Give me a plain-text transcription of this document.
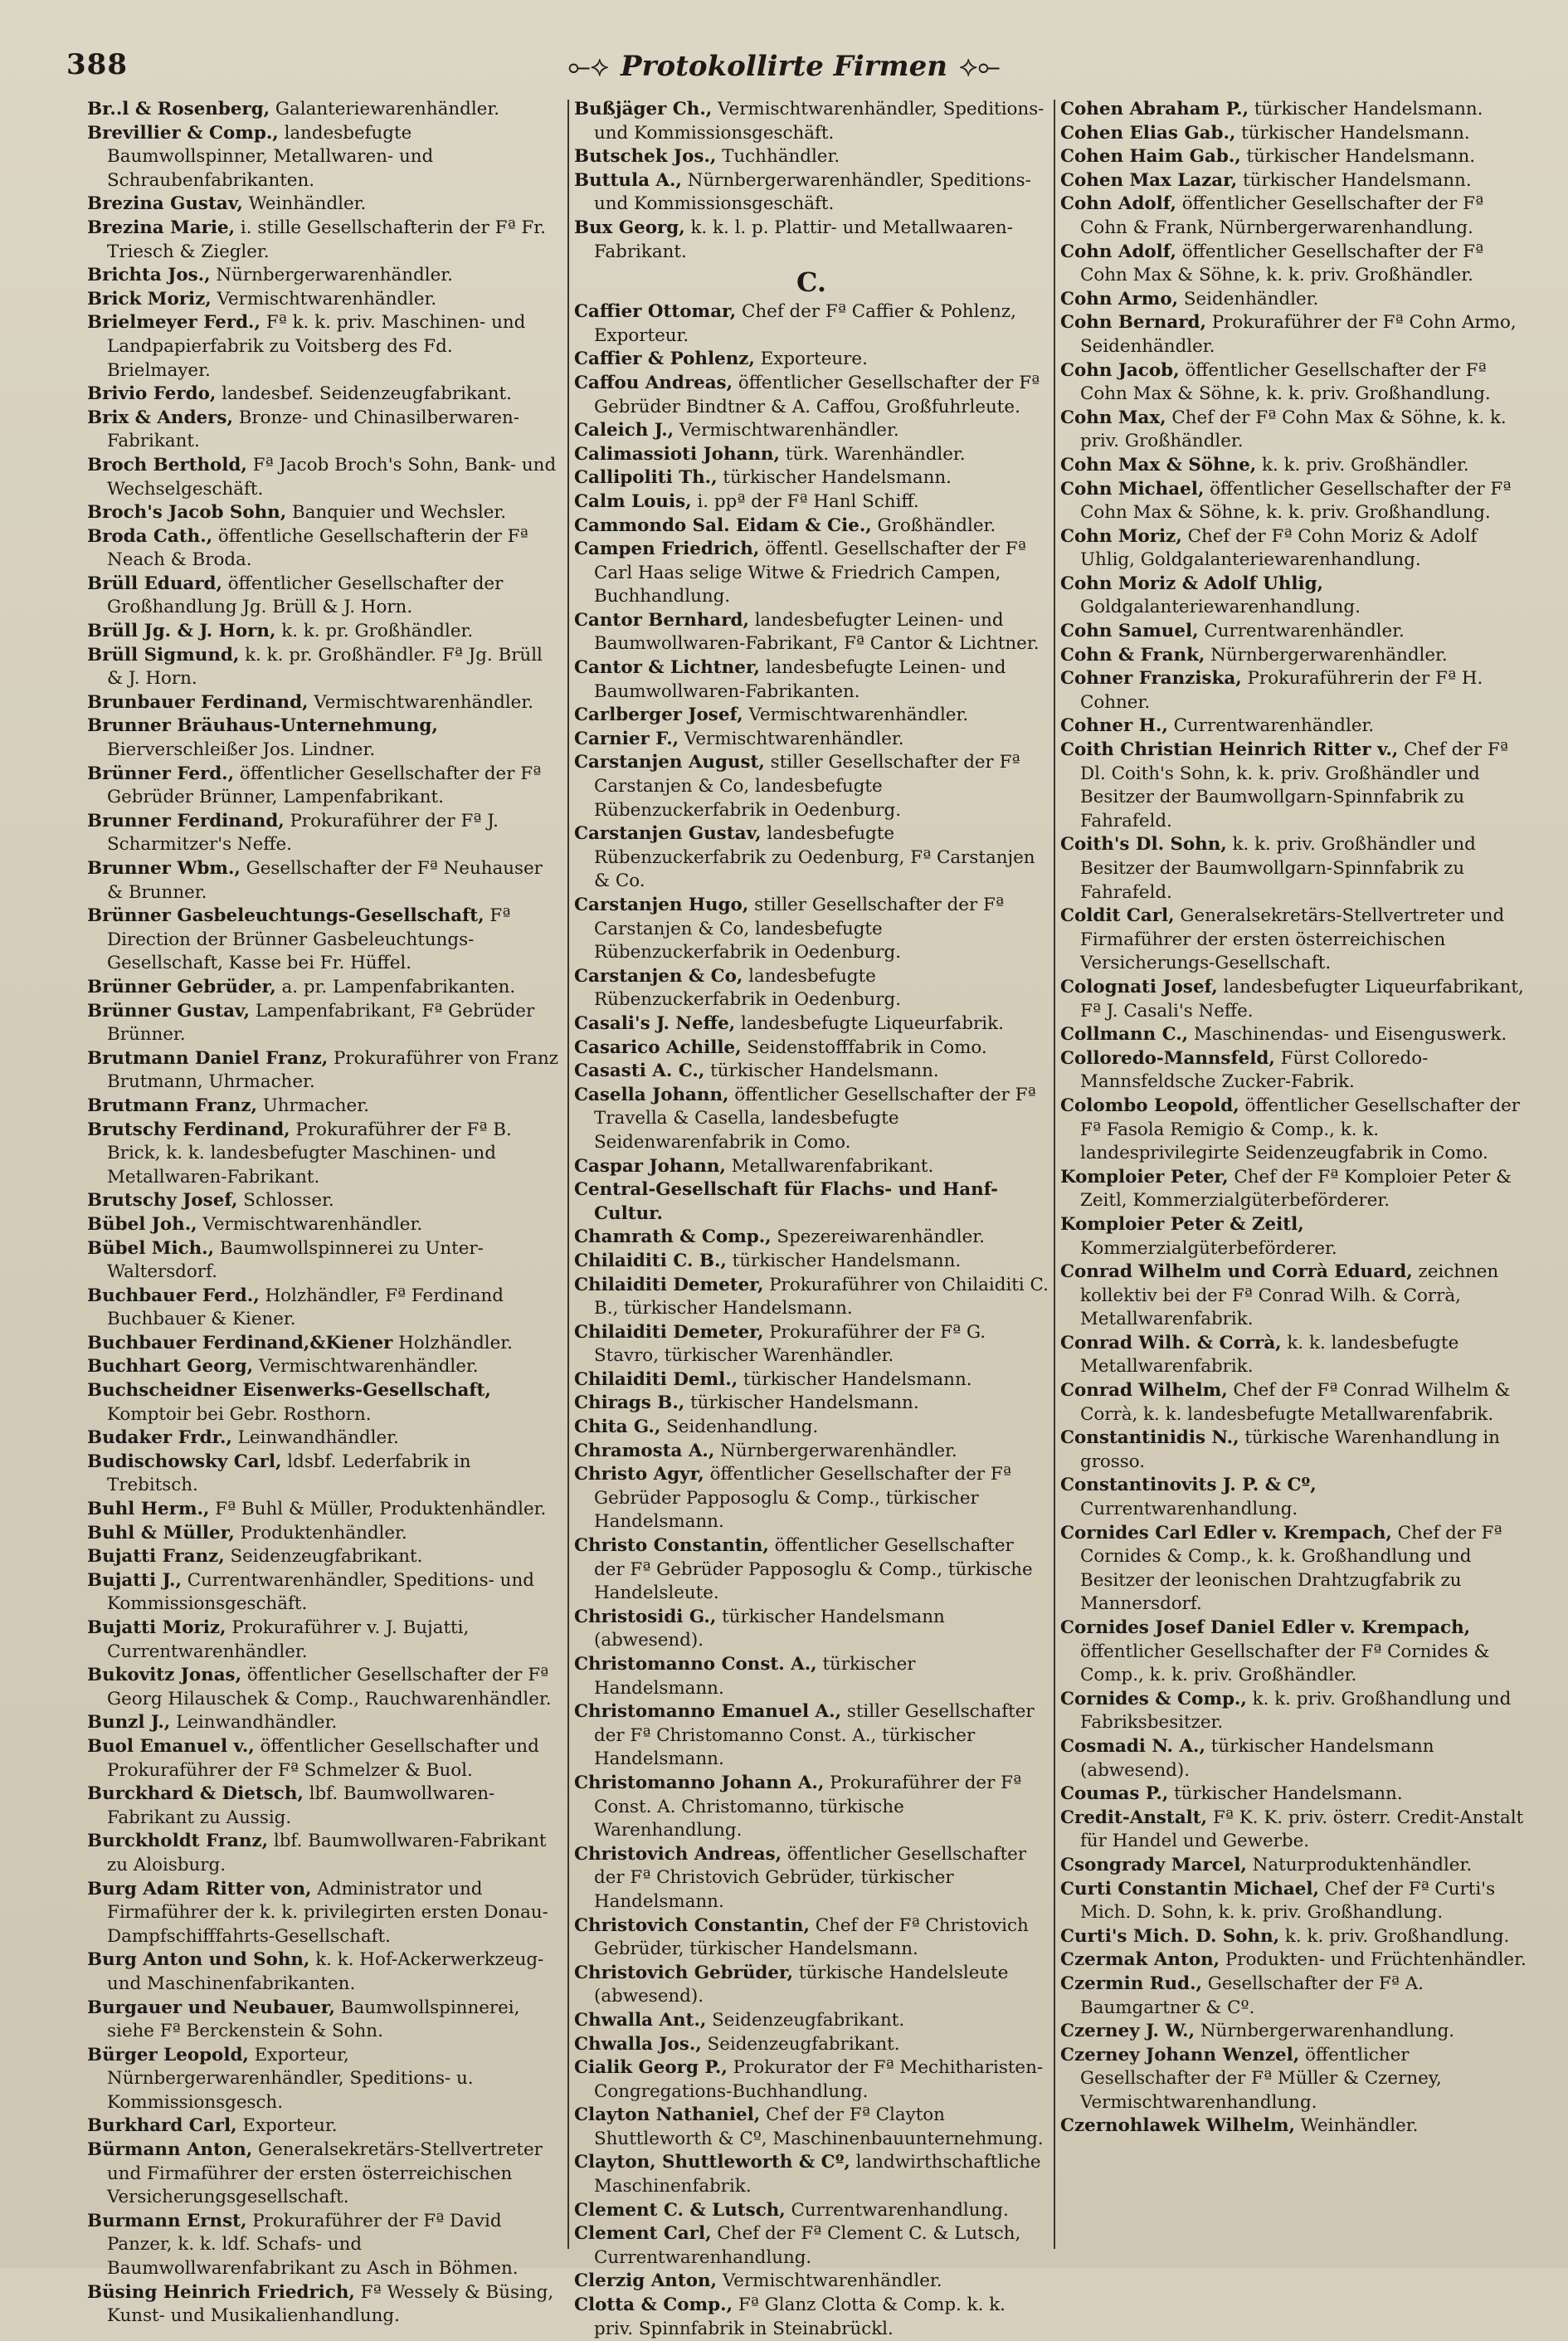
388	⟜⟡ Protokollirte Firmen ⟡⟜

Br..l & Rosenberg, Galanteriewarenhändler.

Brevillier & Comp., landesbefugte Baumwollspinner, Metallwaren- und Schraubenfabrikanten.

Brezina Gustav, Weinhändler.

Brezina Marie, i. stille Gesellschafterin der Fª Fr. Triesch & Ziegler.

Brichta Jos., Nürnbergerwarenhändler.

Brick Moriz, Vermischtwarenhändler.

Brielmeyer Ferd., Fª k. k. priv. Maschinen- und Landpapierfabrik zu Voitsberg des Fd. Brielmayer.

Brivio Ferdo, landesbef. Seidenzeugfabrikant.

Brix & Anders, Bronze- und Chinasilberwaren-Fabrikant.

Broch Berthold, Fª Jacob Broch's Sohn, Bank- und Wechselgeschäft.

Broch's Jacob Sohn, Banquier und Wechsler.

Broda Cath., öffentliche Gesellschafterin der Fª Neach & Broda.

Brüll Eduard, öffentlicher Gesellschafter der Großhandlung Jg. Brüll & J. Horn.

Brüll Jg. & J. Horn, k. k. pr. Großhändler.

Brüll Sigmund, k. k. pr. Großhändler. Fª Jg. Brüll & J. Horn.

Brunbauer Ferdinand, Vermischtwarenhändler.

Brunner Bräuhaus-Unternehmung, Bierverschleißer Jos. Lindner.

Brünner Ferd., öffentlicher Gesellschafter der Fª Gebrüder Brünner, Lampenfabrikant.

Brunner Ferdinand, Prokuraführer der Fª J. Scharmitzer's Neffe.

Brunner Wbm., Gesellschafter der Fª Neuhauser & Brunner.

Brünner Gasbeleuchtungs-Gesellschaft, Fª Direction der Brünner Gasbeleuchtungs-Gesellschaft, Kasse bei Fr. Hüffel.

Brünner Gebrüder, a. pr. Lampenfabrikanten.

Brünner Gustav, Lampenfabrikant, Fª Gebrüder Brünner.

Brutmann Daniel Franz, Prokuraführer von Franz Brutmann, Uhrmacher.

Brutmann Franz, Uhrmacher.

Brutschy Ferdinand, Prokuraführer der Fª B. Brick, k. k. landesbefugter Maschinen- und Metallwaren-Fabrikant.

Brutschy Josef, Schlosser.

Bübel Joh., Vermischtwarenhändler.

Bübel Mich., Baumwollspinnerei zu Unter-Waltersdorf.

Buchbauer Ferd., Holzhändler, Fª Ferdinand Buchbauer & Kiener.

Buchbauer Ferdinand,&Kiener Holzhändler.

Buchhart Georg, Vermischtwarenhändler.

Buchscheidner Eisenwerks-Gesellschaft, Komptoir bei Gebr. Rosthorn.

Budaker Frdr., Leinwandhändler.

Budischowsky Carl, ldsbf. Lederfabrik in Trebitsch.

Buhl Herm., Fª Buhl & Müller, Produktenhändler.

Buhl & Müller, Produktenhändler.

Bujatti Franz, Seidenzeugfabrikant.

Bujatti J., Currentwarenhändler, Speditions- und Kommissionsgeschäft.

Bujatti Moriz, Prokuraführer v. J. Bujatti, Currentwarenhändler.

Bukovitz Jonas, öffentlicher Gesellschafter der Fª Georg Hilauschek & Comp., Rauchwarenhändler.

Bunzl J., Leinwandhändler.

Buol Emanuel v., öffentlicher Gesellschafter und Prokuraführer der Fª Schmelzer & Buol.

Burckhard & Dietsch, lbf. Baumwollwaren-Fabrikant zu Aussig.

Burckholdt Franz, lbf. Baumwollwaren-Fabrikant zu Aloisburg.

Burg Adam Ritter von, Administrator und Firmaführer der k. k. privilegirten ersten Donau-Dampfschifffahrts-Gesellschaft.

Burg Anton und Sohn, k. k. Hof-Ackerwerkzeug- und Maschinenfabrikanten.

Burgauer und Neubauer, Baumwollspinnerei, siehe Fª Berckenstein & Sohn.

Bürger Leopold, Exporteur, Nürnbergerwarenhändler, Speditions- u. Kommissionsgesch.

Burkhard Carl, Exporteur.

Bürmann Anton, Generalsekretärs-Stellvertreter und Firmaführer der ersten österreichischen Versicherungsgesellschaft.

Burmann Ernst, Prokuraführer der Fª David Panzer, k. k. ldf. Schafs- und Baumwollwarenfabrikant zu Asch in Böhmen.

Büsing Heinrich Friedrich, Fª Wessely & Büsing, Kunst- und Musikalienhandlung.

Bußjäger Ch., Vermischtwarenhändler, Speditions- und Kommissionsgeschäft.

Butschek Jos., Tuchhändler.

Buttula A., Nürnbergerwarenhändler, Speditions- und Kommissionsgeschäft.

Bux Georg, k. k. l. p. Plattir- und Metallwaaren-Fabrikant.

C.

Caffier Ottomar, Chef der Fª Caffier & Pohlenz, Exporteur.

Caffier & Pohlenz, Exporteure.

Caffou Andreas, öffentlicher Gesellschafter der Fª Gebrüder Bindtner & A. Caffou, Großfuhrleute.

Caleich J., Vermischtwarenhändler.

Calimassioti Johann, türk. Warenhändler.

Callipoliti Th., türkischer Handelsmann.

Calm Louis, i. ppª der Fª Hanl Schiff.

Cammondo Sal. Eidam & Cie., Großhändler.

Campen Friedrich, öffentl. Gesellschafter der Fª Carl Haas selige Witwe & Friedrich Campen, Buchhandlung.

Cantor Bernhard, landesbefugter Leinen- und Baumwollwaren-Fabrikant, Fª Cantor & Lichtner.

Cantor & Lichtner, landesbefugte Leinen- und Baumwollwaren-Fabrikanten.

Carlberger Josef, Vermischtwarenhändler.

Carnier F., Vermischtwarenhändler.

Carstanjen August, stiller Gesellschafter der Fª Carstanjen & Co, landesbefugte Rübenzuckerfabrik in Oedenburg.

Carstanjen Gustav, landesbefugte Rübenzuckerfabrik zu Oedenburg, Fª Carstanjen & Co.

Carstanjen Hugo, stiller Gesellschafter der Fª Carstanjen & Co, landesbefugte Rübenzuckerfabrik in Oedenburg.

Carstanjen & Co, landesbefugte Rübenzuckerfabrik in Oedenburg.

Casali's J. Neffe, landesbefugte Liqueurfabrik.

Casarico Achille, Seidenstofffabrik in Como.

Casasti A. C., türkischer Handelsmann.

Casella Johann, öffentlicher Gesellschafter der Fª Travella & Casella, landesbefugte Seidenwarenfabrik in Como.

Caspar Johann, Metallwarenfabrikant.

Central-Gesellschaft für Flachs- und Hanf-Cultur.

Chamrath & Comp., Spezereiwarenhändler.

Chilaiditi C. B., türkischer Handelsmann.

Chilaiditi Demeter, Prokuraführer von Chilaiditi C. B., türkischer Handelsmann.

Chilaiditi Demeter, Prokuraführer der Fª G. Stavro, türkischer Warenhändler.

Chilaiditi Deml., türkischer Handelsmann.

Chirags B., türkischer Handelsmann.

Chita G., Seidenhandlung.

Chramosta A., Nürnbergerwarenhändler.

Christo Agyr, öffentlicher Gesellschafter der Fª Gebrüder Papposoglu & Comp., türkischer Handelsmann.

Christo Constantin, öffentlicher Gesellschafter der Fª Gebrüder Papposoglu & Comp., türkische Handelsleute.

Christosidi G., türkischer Handelsmann (abwesend).

Christomanno Const. A., türkischer Handelsmann.

Christomanno Emanuel A., stiller Gesellschafter der Fª Christomanno Const. A., türkischer Handelsmann.

Christomanno Johann A., Prokuraführer der Fª Const. A. Christomanno, türkische Warenhandlung.

Christovich Andreas, öffentlicher Gesellschafter der Fª Christovich Gebrüder, türkischer Handelsmann.

Christovich Constantin, Chef der Fª Christovich Gebrüder, türkischer Handelsmann.

Christovich Gebrüder, türkische Handelsleute (abwesend).

Chwalla Ant., Seidenzeugfabrikant.

Chwalla Jos., Seidenzeugfabrikant.

Cialik Georg P., Prokurator der Fª Mechitharisten-Congregations-Buchhandlung.

Clayton Nathaniel, Chef der Fª Clayton Shuttleworth & Cº, Maschinenbauunternehmung.

Clayton, Shuttleworth & Cº, landwirthschaftliche Maschinenfabrik.

Clement C. & Lutsch, Currentwarenhandlung.

Clement Carl, Chef der Fª Clement C. & Lutsch, Currentwarenhandlung.

Clerzig Anton, Vermischtwarenhändler.

Clotta & Comp., Fª Glanz Clotta & Comp. k. k. priv. Spinnfabrik in Steinabrückl.

Cohen Abraham P., türkischer Handelsmann.

Cohen Elias Gab., türkischer Handelsmann.

Cohen Haim Gab., türkischer Handelsmann.

Cohen Max Lazar, türkischer Handelsmann.

Cohn Adolf, öffentlicher Gesellschafter der Fª Cohn & Frank, Nürnbergerwarenhandlung.

Cohn Adolf, öffentlicher Gesellschafter der Fª Cohn Max & Söhne, k. k. priv. Großhändler.

Cohn Armo, Seidenhändler.

Cohn Bernard, Prokuraführer der Fª Cohn Armo, Seidenhändler.

Cohn Jacob, öffentlicher Gesellschafter der Fª Cohn Max & Söhne, k. k. priv. Großhandlung.

Cohn Max, Chef der Fª Cohn Max & Söhne, k. k. priv. Großhändler.

Cohn Max & Söhne, k. k. priv. Großhändler.

Cohn Michael, öffentlicher Gesellschafter der Fª Cohn Max & Söhne, k. k. priv. Großhandlung.

Cohn Moriz, Chef der Fª Cohn Moriz & Adolf Uhlig, Goldgalanteriewarenhandlung.

Cohn Moriz & Adolf Uhlig, Goldgalanteriewarenhandlung.

Cohn Samuel, Currentwarenhändler.

Cohn & Frank, Nürnbergerwarenhändler.

Cohner Franziska, Prokuraführerin der Fª H. Cohner.

Cohner H., Currentwarenhändler.

Coith Christian Heinrich Ritter v., Chef der Fª Dl. Coith's Sohn, k. k. priv. Großhändler und Besitzer der Baumwollgarn-Spinnfabrik zu Fahrafeld.

Coith's Dl. Sohn, k. k. priv. Großhändler und Besitzer der Baumwollgarn-Spinnfabrik zu Fahrafeld.

Coldit Carl, Generalsekretärs-Stellvertreter und Firmaführer der ersten österreichischen Versicherungs-Gesellschaft.

Colognati Josef, landesbefugter Liqueurfabrikant, Fª J. Casali's Neffe.

Collmann C., Maschinendas- und Eisenguswerk.

Colloredo-Mannsfeld, Fürst Colloredo-Mannsfeldsche Zucker-Fabrik.

Colombo Leopold, öffentlicher Gesellschafter der Fª Fasola Remigio & Comp., k. k. landesprivilegirte Seidenzeugfabrik in Como.

Komploier Peter, Chef der Fª Komploier Peter & Zeitl, Kommerzialgüterbeförderer.

Komploier Peter & Zeitl, Kommerzialgüterbeförderer.

Conrad Wilhelm und Corrà Eduard, zeichnen kollektiv bei der Fª Conrad Wilh. & Corrà, Metallwarenfabrik.

Conrad Wilh. & Corrà, k. k. landesbefugte Metallwarenfabrik.

Conrad Wilhelm, Chef der Fª Conrad Wilhelm & Corrà, k. k. landesbefugte Metallwarenfabrik.

Constantinidis N., türkische Warenhandlung in grosso.

Constantinovits J. P. & Cº, Currentwarenhandlung.

Cornides Carl Edler v. Krempach, Chef der Fª Cornides & Comp., k. k. Großhandlung und Besitzer der leonischen Drahtzugfabrik zu Mannersdorf.

Cornides Josef Daniel Edler v. Krempach, öffentlicher Gesellschafter der Fª Cornides & Comp., k. k. priv. Großhändler.

Cornides & Comp., k. k. priv. Großhandlung und Fabriksbesitzer.

Cosmadi N. A., türkischer Handelsmann (abwesend).

Coumas P., türkischer Handelsmann.

Credit-Anstalt, Fª K. K. priv. österr. Credit-Anstalt für Handel und Gewerbe.

Csongrady Marcel, Naturproduktenhändler.

Curti Constantin Michael, Chef der Fª Curti's Mich. D. Sohn, k. k. priv. Großhandlung.

Curti's Mich. D. Sohn, k. k. priv. Großhandlung.

Czermak Anton, Produkten- und Früchtenhändler.

Czermin Rud., Gesellschafter der Fª A. Baumgartner & Cº.

Czerney J. W., Nürnbergerwarenhandlung.

Czerney Johann Wenzel, öffentlicher Gesellschafter der Fª Müller & Czerney, Vermischtwarenhandlung.

Czernohlawek Wilhelm, Weinhändler.
